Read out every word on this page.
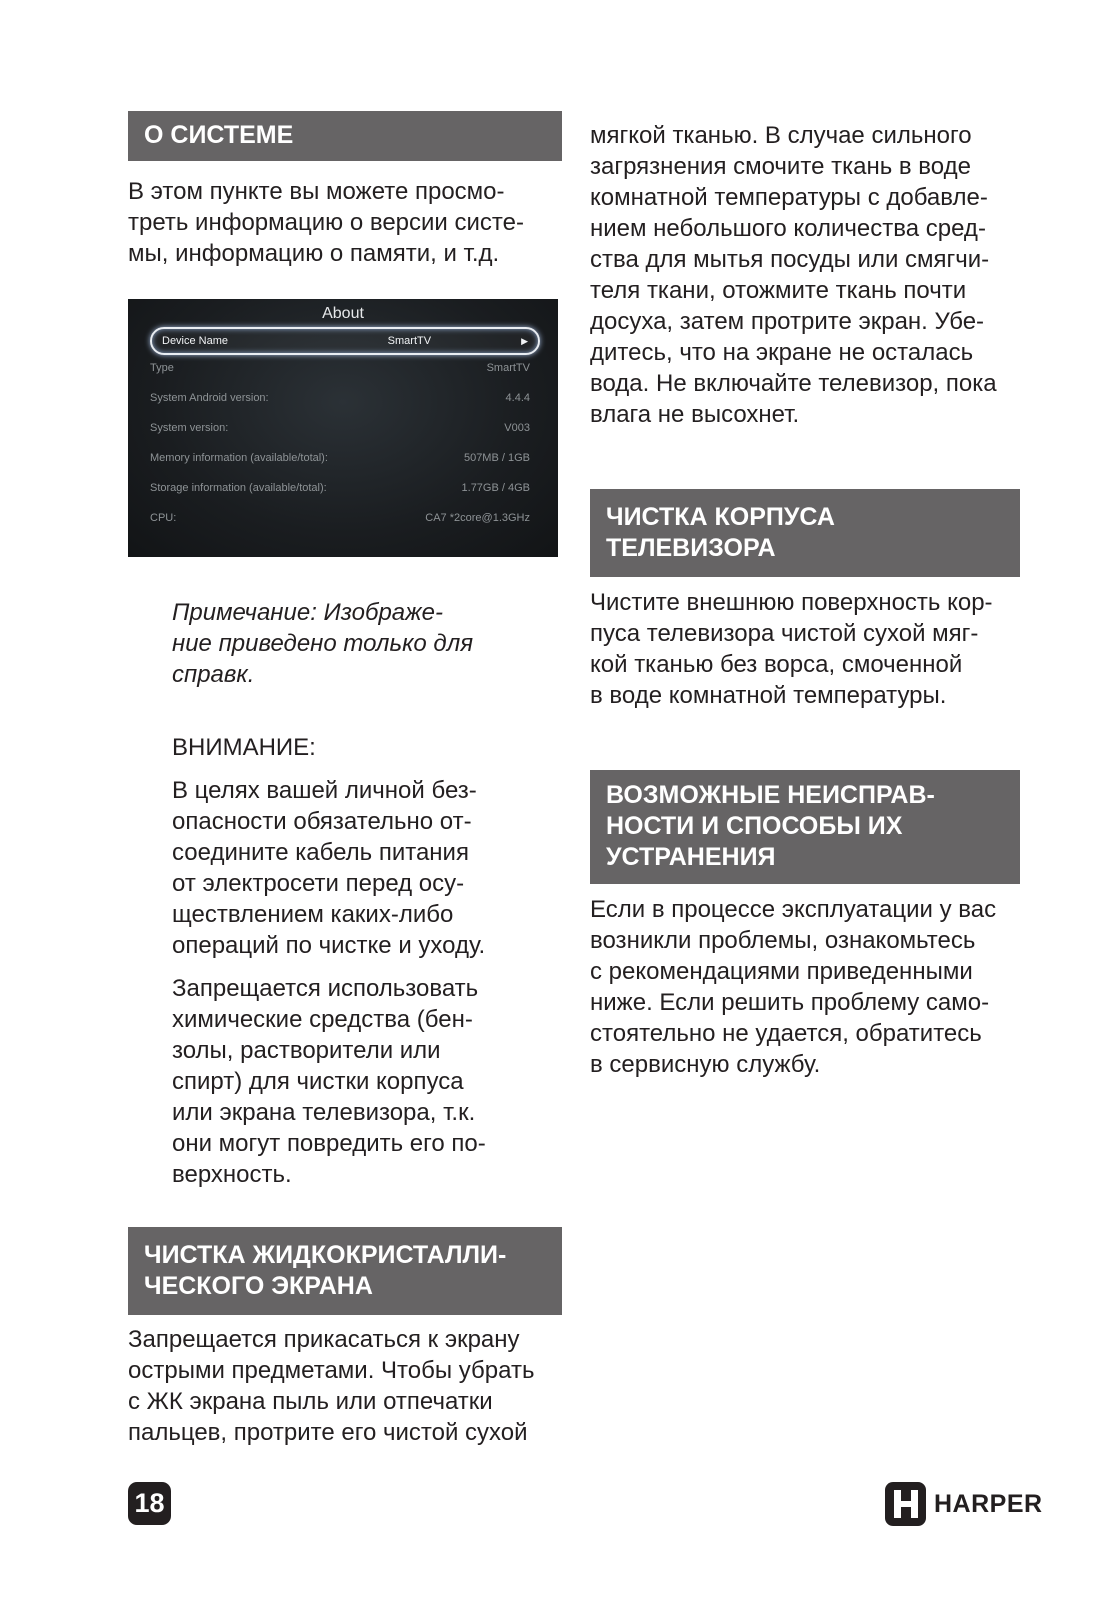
О СИСТЕМЕ

В этом пункте вы можете просмо-
треть информацию о версии систе-
мы, информацию о памяти, и т.д.

About
Device Name	SmartTV	▶
Type	SmartTV
System Android version:	4.4.4
System version:	V003
Memory information (available/total):	507MB / 1GB
Storage information (available/total):	1.77GB / 4GB
CPU:	CA7 *2core@1.3GHz
Примечание: Изображе-
ние приведено только для
справк.
ВНИМАНИЕ:
В целях вашей личной без-
опасности обязательно от-
соедините кабель питания
от электросети перед осу-
ществлением каких-либо
операций по чистке и уходу.
Запрещается использовать
химические средства (бен-
золы, растворители или
спирт) для чистки корпуса
или экрана телевизора, т.к.
они могут повредить его по-
верхность.
ЧИСТКА ЖИДКОКРИСТАЛЛИ-
ЧЕСКОГО ЭКРАНА

Запрещается прикасаться к экрану
острыми предметами. Чтобы убрать
с ЖК экрана пыль или отпечатки
пальцев, протрите его чистой сухой

мягкой тканью. В случае сильного
загрязнения смочите ткань в воде
комнатной температуры с добавле-
нием небольшого количества сред-
ства для мытья посуды или смягчи-
теля ткани, отожмите ткань почти
досуха, затем протрите экран. Убе-
дитесь, что на экране не осталась
вода. Не включайте телевизор, пока
влага не высохнет.

ЧИСТКА КОРПУСА
ТЕЛЕВИЗОРА

Чистите внешнюю поверхность кор-
пуса телевизора чистой сухой мяг-
кой тканью без ворса, смоченной
в воде комнатной температуры.

ВОЗМОЖНЫЕ НЕИСПРАВ-
НОСТИ И СПОСОБЫ ИХ
УСТРАНЕНИЯ

Если в процессе эксплуатации у вас
возникли проблемы, ознакомьтесь
с рекомендациями приведенными
ниже. Если решить проблему само-
стоятельно не удается, обратитесь
в сервисную службу.

18	HARPER
